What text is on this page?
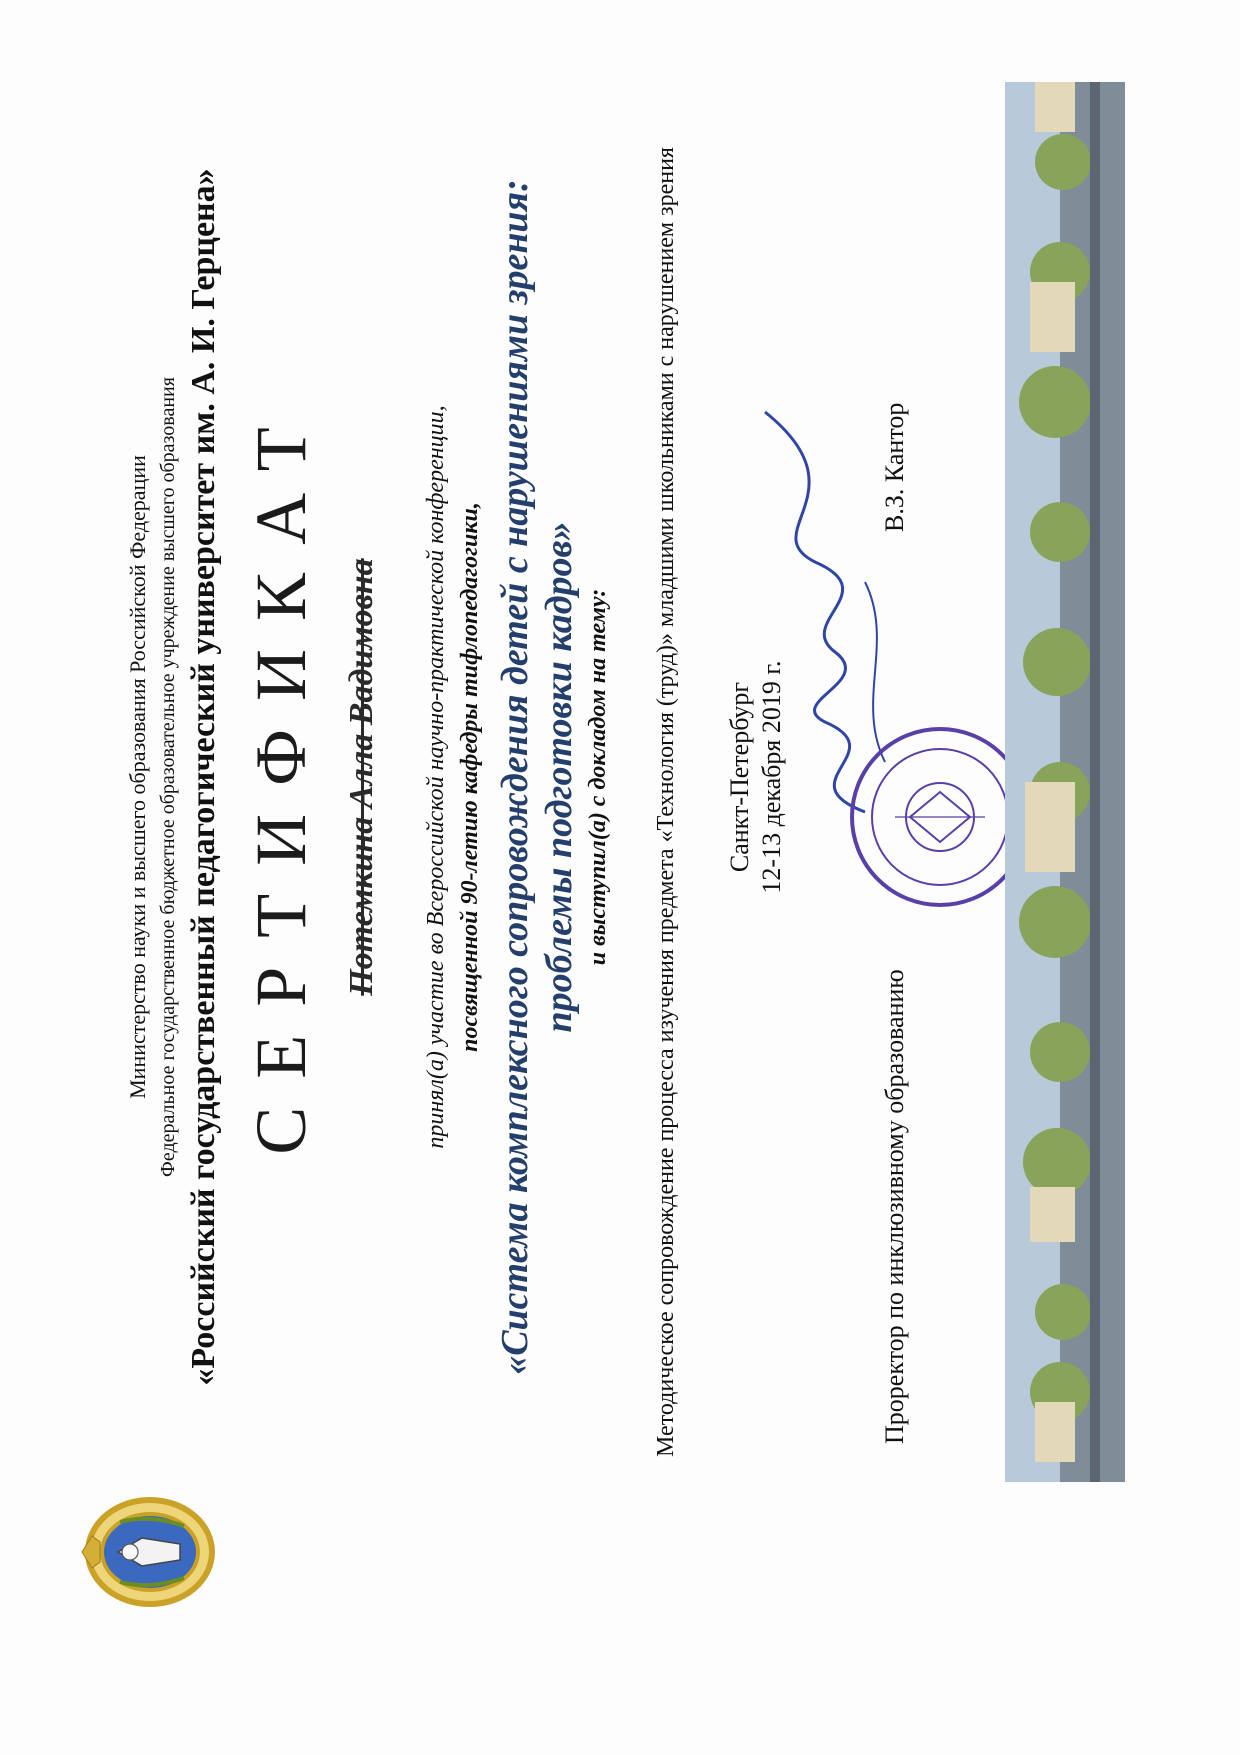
Министерство науки и высшего образования Российской Федерации Федеральное государственное бюджетное образовательное учреждение высшего образования «Российский государственный педагогический университет им. А. И. Герцена» СЕРТИФИКАТ Потемкина Алла Вадимовна принял(а) участие во Всероссийской научно-практической конференции, посвященной 90-летию кафедры тифлопедагогики, «Система комплексного сопровождения детей с нарушениями зрения: проблемы подготовки кадров» и выступил(а) с докладом на тему: Методическое сопровождение процесса изучения предмета «Технология (труд)» младшими школьниками с нарушением зрения Санкт-Петербург 12-13 декабря 2019 г.
Проректор по инклюзивному образованию
В.З. Кантор
